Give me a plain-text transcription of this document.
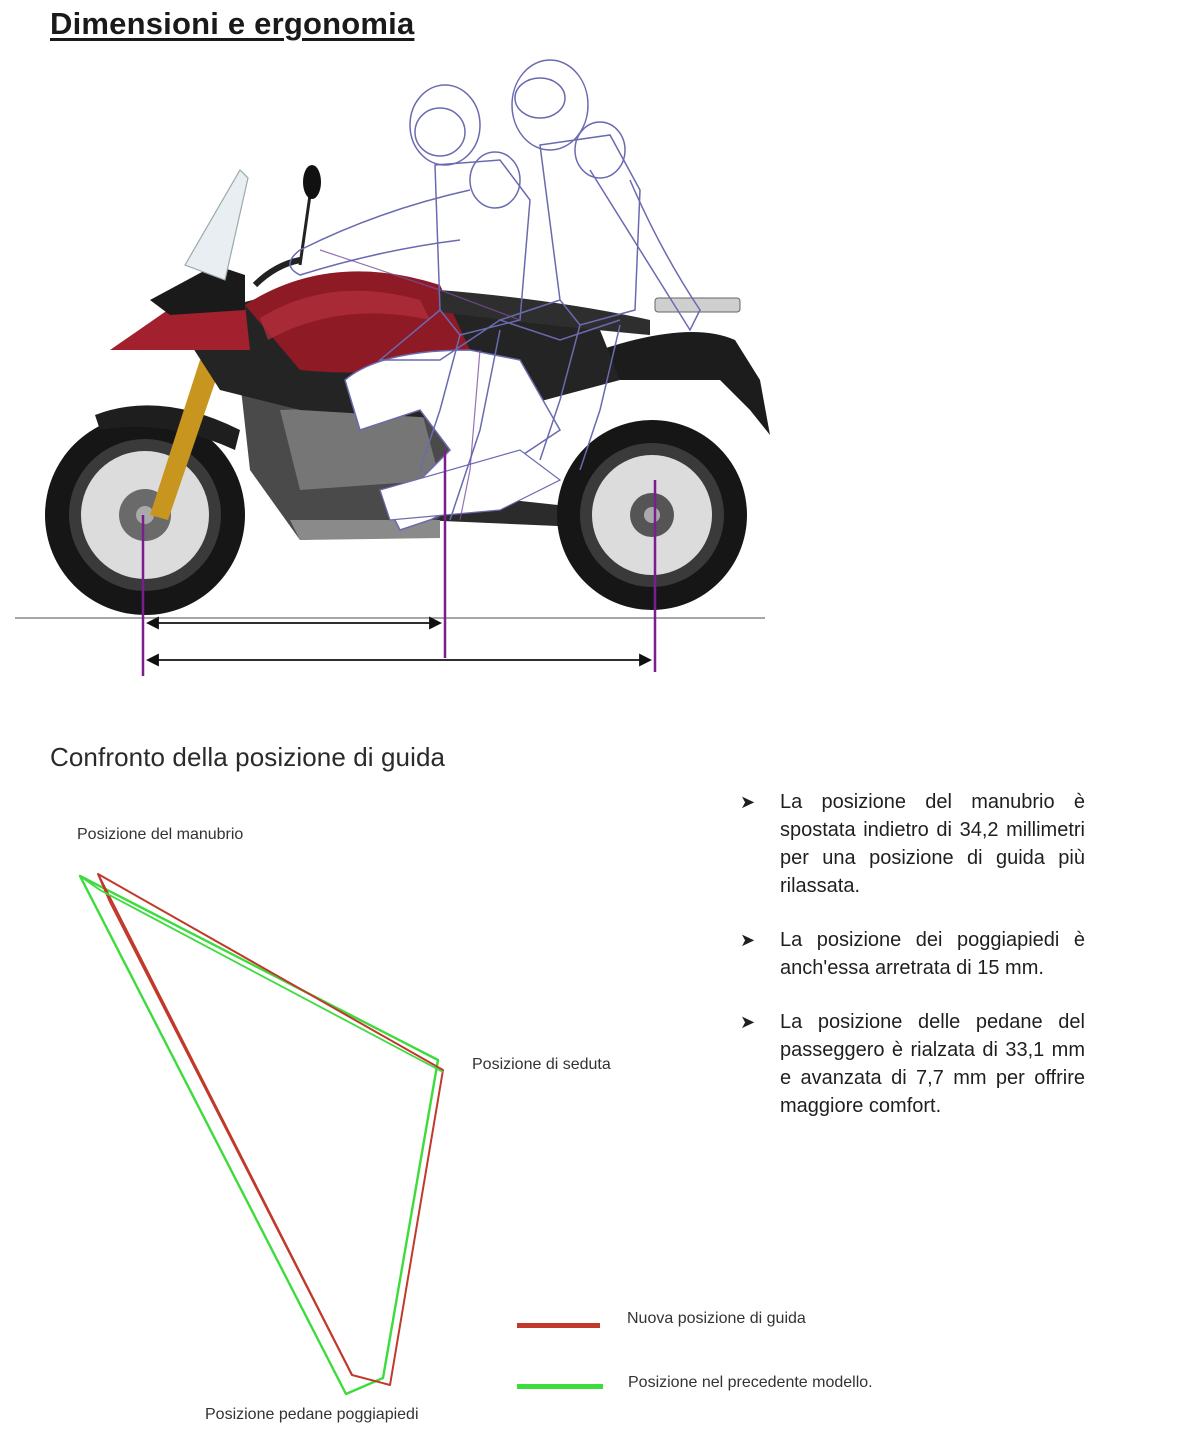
Dimensioni e ergonomia
Confronto della posizione di guida
Posizione del manubrio
Posizione di seduta
Posizione pedane poggiapiedi
➤ La posizione del manubrio è spostata indietro di 34,2 millimetri per una posizione di guida più rilassata.
➤ La posizione dei poggiapiedi è anch'essa arretrata di 15 mm.
➤ La posizione delle pedane del passeggero è rialzata di 33,1 mm e avanzata di 7,7 mm per offrire maggiore comfort.
Nuova posizione di guida
Posizione nel precedente modello.
